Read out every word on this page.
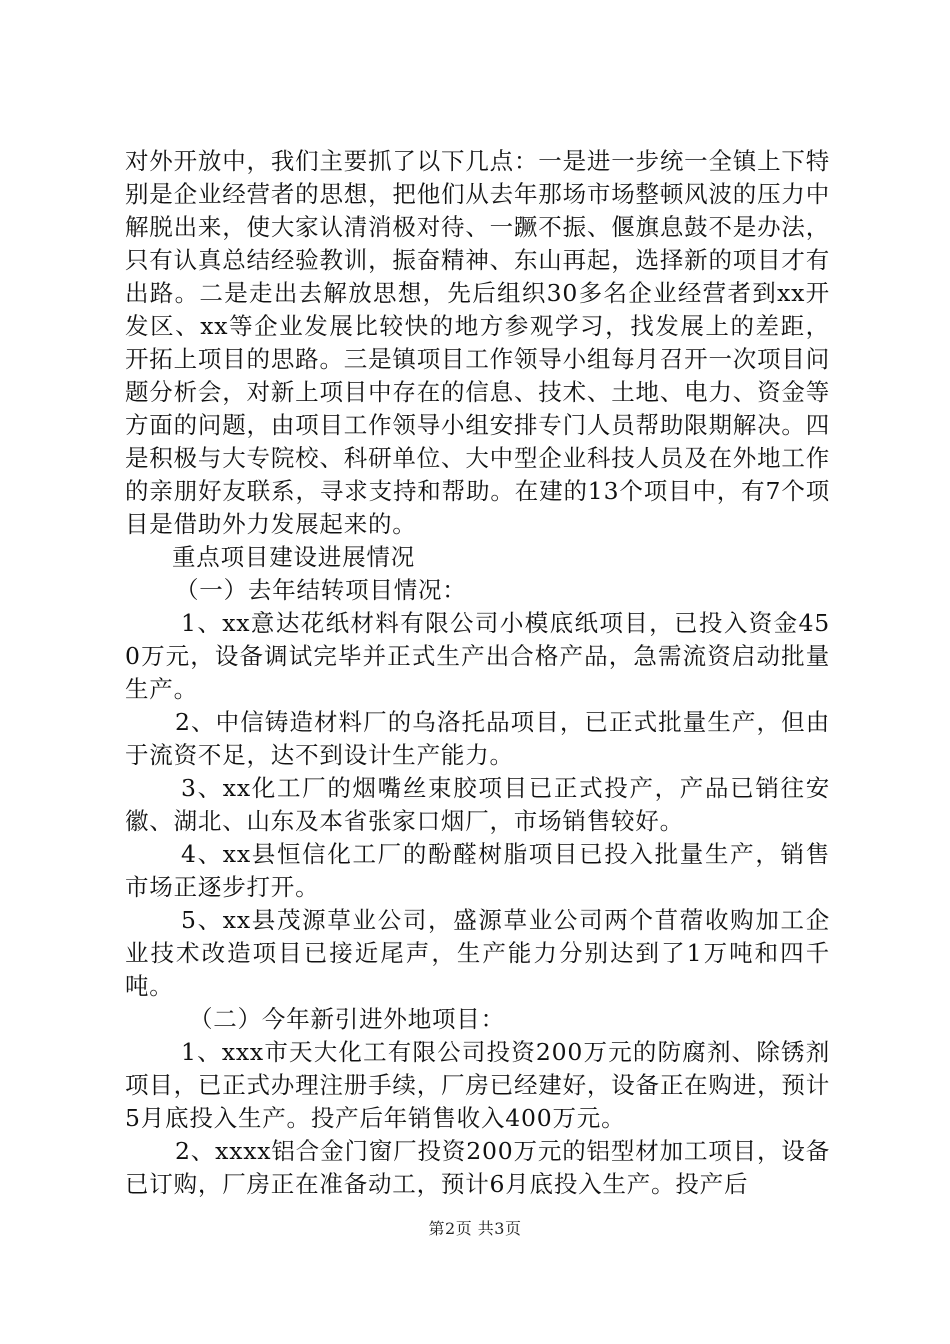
对外开放中，我们主要抓了以下几点：一是进一步统一全镇上下特别是企业经营者的思想，把他们从去年那场市场整顿风波的压力中解脱出来，使大家认清消极对待、一蹶不振、偃旗息鼓不是办法，只有认真总结经验教训，振奋精神、东山再起，选择新的项目才有出路。二是走出去解放思想，先后组织30多名企业经营者到xx开发区、xx等企业发展比较快的地方参观学习，找发展上的差距，开拓上项目的思路。三是镇项目工作领导小组每月召开一次项目问题分析会，对新上项目中存在的信息、技术、土地、电力、资金等方面的问题，由项目工作领导小组安排专门人员帮助限期解决。四是积极与大专院校、科研单位、大中型企业科技人员及在外地工作的亲朋好友联系，寻求支持和帮助。在建的13个项目中，有7个项目是借助外力发展起来的。

重点项目建设进展情况

（一）去年结转项目情况：

1、xx意达花纸材料有限公司小模底纸项目，已投入资金450万元，设备调试完毕并正式生产出合格产品，急需流资启动批量生产。

2、中信铸造材料厂的乌洛托品项目，已正式批量生产，但由于流资不足，达不到设计生产能力。

3、xx化工厂的烟嘴丝束胶项目已正式投产，产品已销往安徽、湖北、山东及本省张家口烟厂，市场销售较好。

4、xx县恒信化工厂的酚醛树脂项目已投入批量生产，销售市场正逐步打开。

5、xx县茂源草业公司，盛源草业公司两个苜蓿收购加工企业技术改造项目已接近尾声，生产能力分别达到了1万吨和四千吨。

（二）今年新引进外地项目：

1、xxx市天大化工有限公司投资200万元的防腐剂、除锈剂项目，已正式办理注册手续，厂房已经建好，设备正在购进，预计5月底投入生产。投产后年销售收入400万元。

2、xxxx铝合金门窗厂投资200万元的铝型材加工项目，设备已订购，厂房正在准备动工，预计6月底投入生产。投产后

第2页 共3页
